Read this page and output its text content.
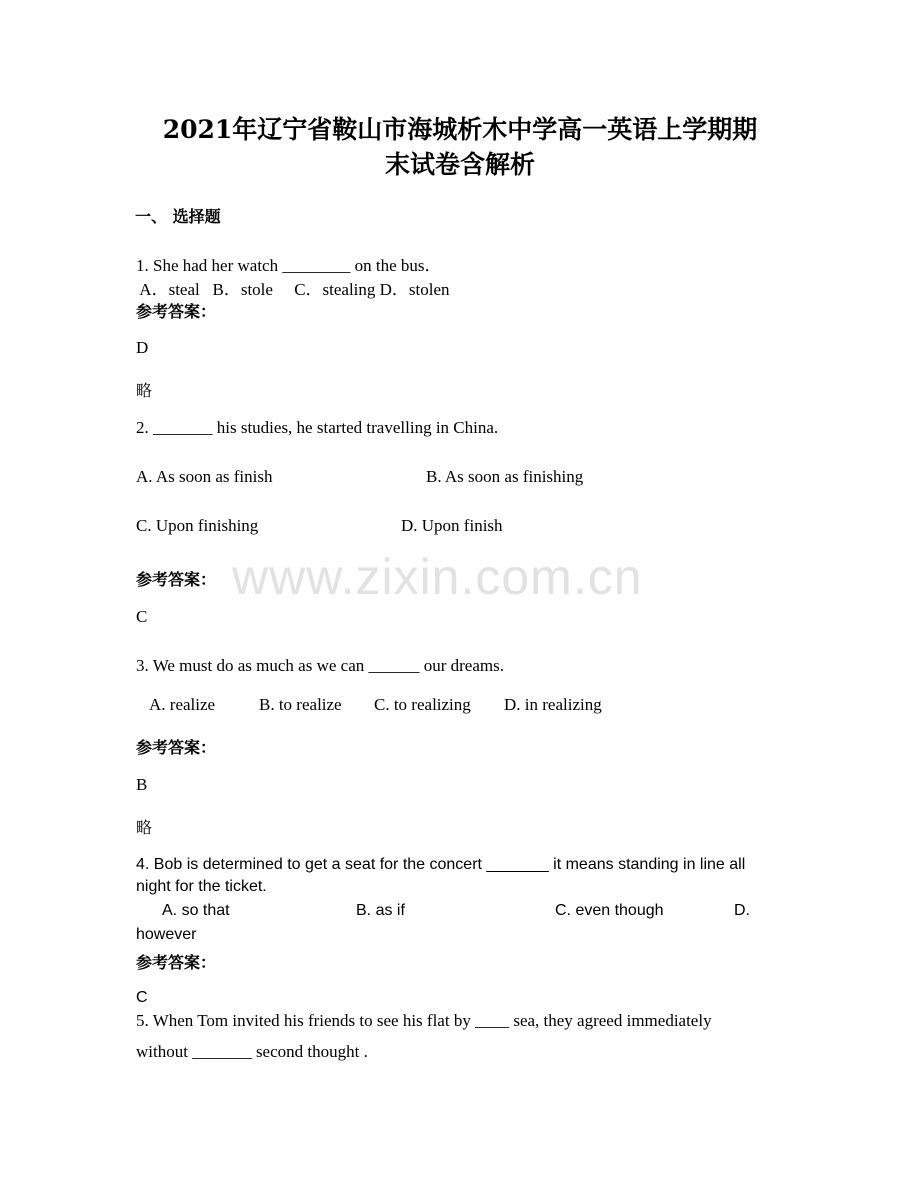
www.zixin.com.cn
2021年辽宁省鞍山市海城析木中学高一英语上学期期
末试卷含解析
一、 选择题
1. She had her watch ________ on the bus．
A．steal   B．stole     C．stealing D．stolen
参考答案：
D
略
2. _______ his studies, he started travelling in China.
A. As soon as finish	B. As soon as finishing
C. Upon finishing	D. Upon finish
参考答案：
C
3. We must do as much as we can ______ our dreams.
A. realize	B. to realize C. to realizing D. in realizing
参考答案：
B
略
4. Bob is determined to get a seat for the concert _______ it means standing in line all
night for the ticket.
A. so that	B. as if	C. even though	D.
however
参考答案：
C
5. When Tom invited his friends to see his flat by ____ sea, they agreed immediately
without _______ second thought .
